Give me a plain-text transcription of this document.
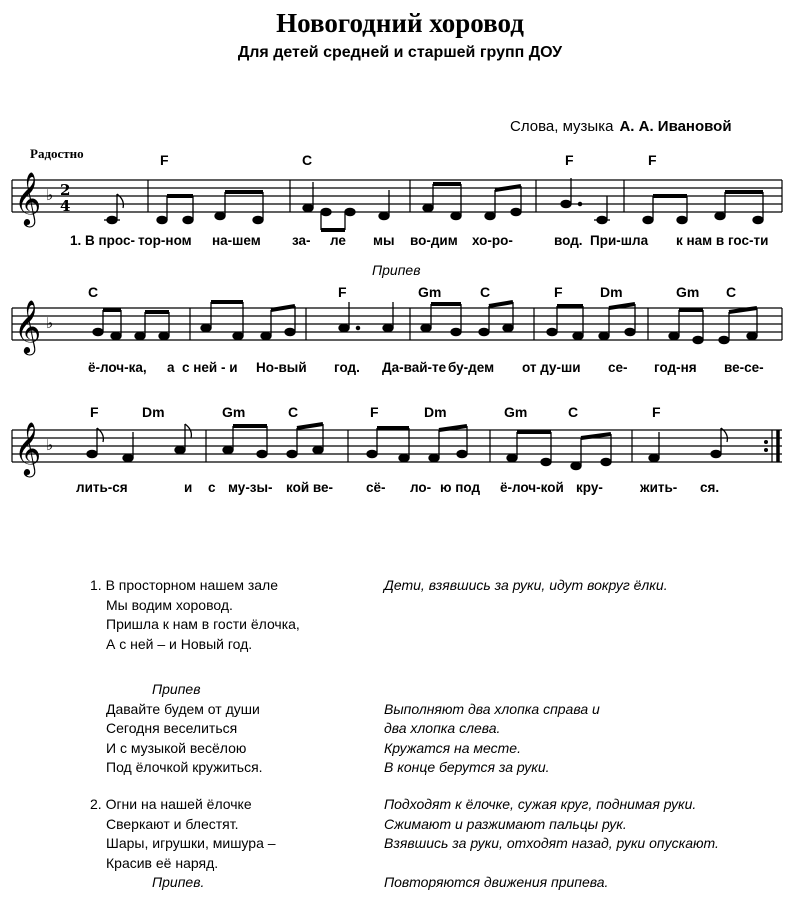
Новогодний хоровод
Для детей средней и старшей групп ДОУ
Слова, музыка А. А. Ивановой
Радостно
Припев
𝄞 ♭ 2
4
F	C	F	F
1. В прос- тор-ном на-шем за- ле мы во-дим хо-ро-	вод. При-шла к нам в гос-ти
𝄞 ♭
C	F	Gm	C	F	Dm	Gm C
ё-лоч-ка, а с ней - и Но-вый год. Да-вай-те бу-дем от ду-ши се- год-ня ве-се-
𝄞 ♭
F	Dm	Gm	C	F	Dm	Gm	C	F
лить-ся	и с му-зы- кой ве- сё- ло- ю под ё-лоч-кой кру-	жить- ся.
1. В просторном нашем зале
Мы водим хоровод.
Пришла к нам в гости ёлочка,
А с ней – и Новый год.
Дети, взявшись за руки, идут вокруг ёлки.
Припев
Давайте будем от души
Сегодня веселиться
И с музыкой весёлою
Под ёлочкой кружиться.
Выполняют два хлопка справа и
два хлопка слева.
Кружатся на месте.
В конце берутся за руки.
2. Огни на нашей ёлочке
Сверкают и блестят.
Шары, игрушки, мишура –
Красив её наряд.
Припев.
Подходят к ёлочке, сужая круг, поднимая руки.
Сжимают и разжимают пальцы рук.
Взявшись за руки, отходят назад, руки опускают.
Повторяются движения припева.
